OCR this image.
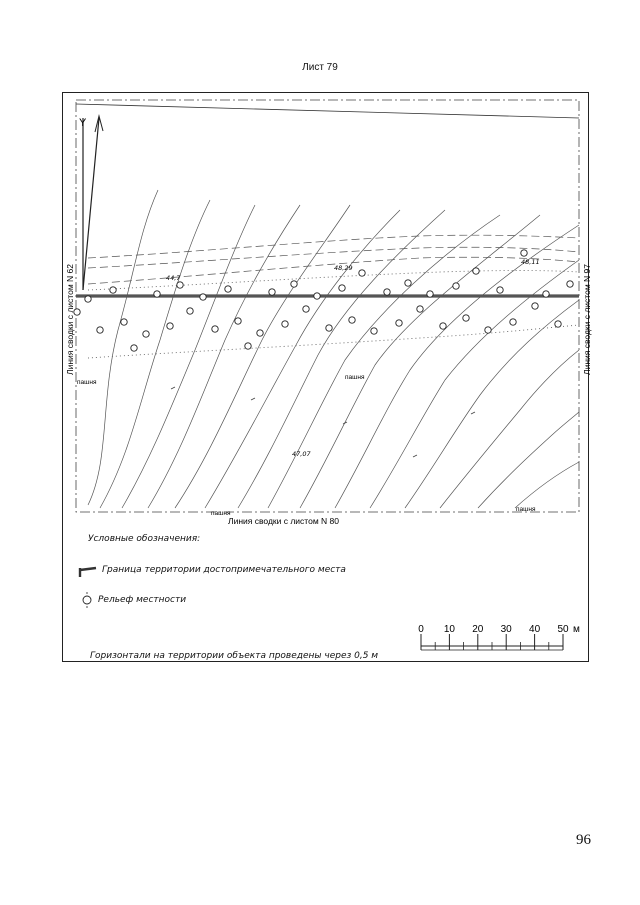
Лист 79
Y
44,7
48,29
48,11
47,07
пашня
пашня
пашня
пашня
Линия сводки с листом N 62	Линия сводки с листом N 97
Линия сводки с листом N 80
0 10 20 30 40 50 м
Условные обозначения:
Граница территории достопримечательного места
Рельеф местности
Горизонтали на территории объекта проведены через 0,5 м
96
